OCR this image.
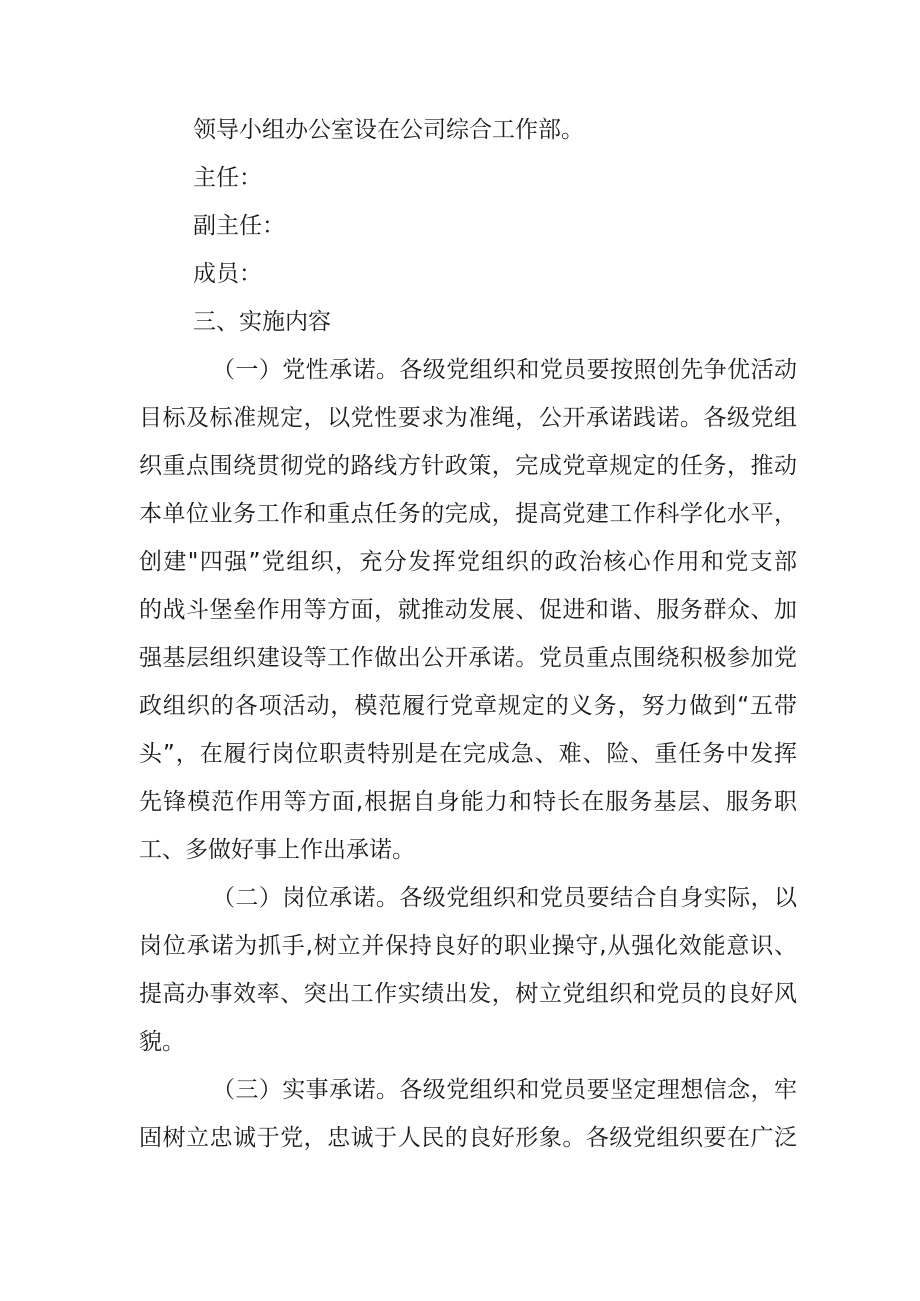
领导小组办公室设在公司综合工作部。
主任：
副主任：
成员：
三、实施内容
（一）党性承诺。各级党组织和党员要按照创先争优活动
目标及标准规定，以党性要求为准绳，公开承诺践诺。各级党组
织重点围绕贯彻党的路线方针政策，完成党章规定的任务，推动
本单位业务工作和重点任务的完成，提高党建工作科学化水平，
创建"四强”党组织，充分发挥党组织的政治核心作用和党支部
的战斗堡垒作用等方面，就推动发展、促进和谐、服务群众、加
强基层组织建设等工作做出公开承诺。党员重点围绕积极参加党
政组织的各项活动，模范履行党章规定的义务，努力做到“五带
头”，在履行岗位职责特别是在完成急、难、险、重任务中发挥
先锋模范作用等方面,根据自身能力和特长在服务基层、服务职
工、多做好事上作出承诺。
（二）岗位承诺。各级党组织和党员要结合自身实际，以
岗位承诺为抓手,树立并保持良好的职业操守,从强化效能意识、
提高办事效率、突出工作实绩出发，树立党组织和党员的良好风
貌。
（三）实事承诺。各级党组织和党员要坚定理想信念，牢
固树立忠诚于党，忠诚于人民的良好形象。各级党组织要在广泛
